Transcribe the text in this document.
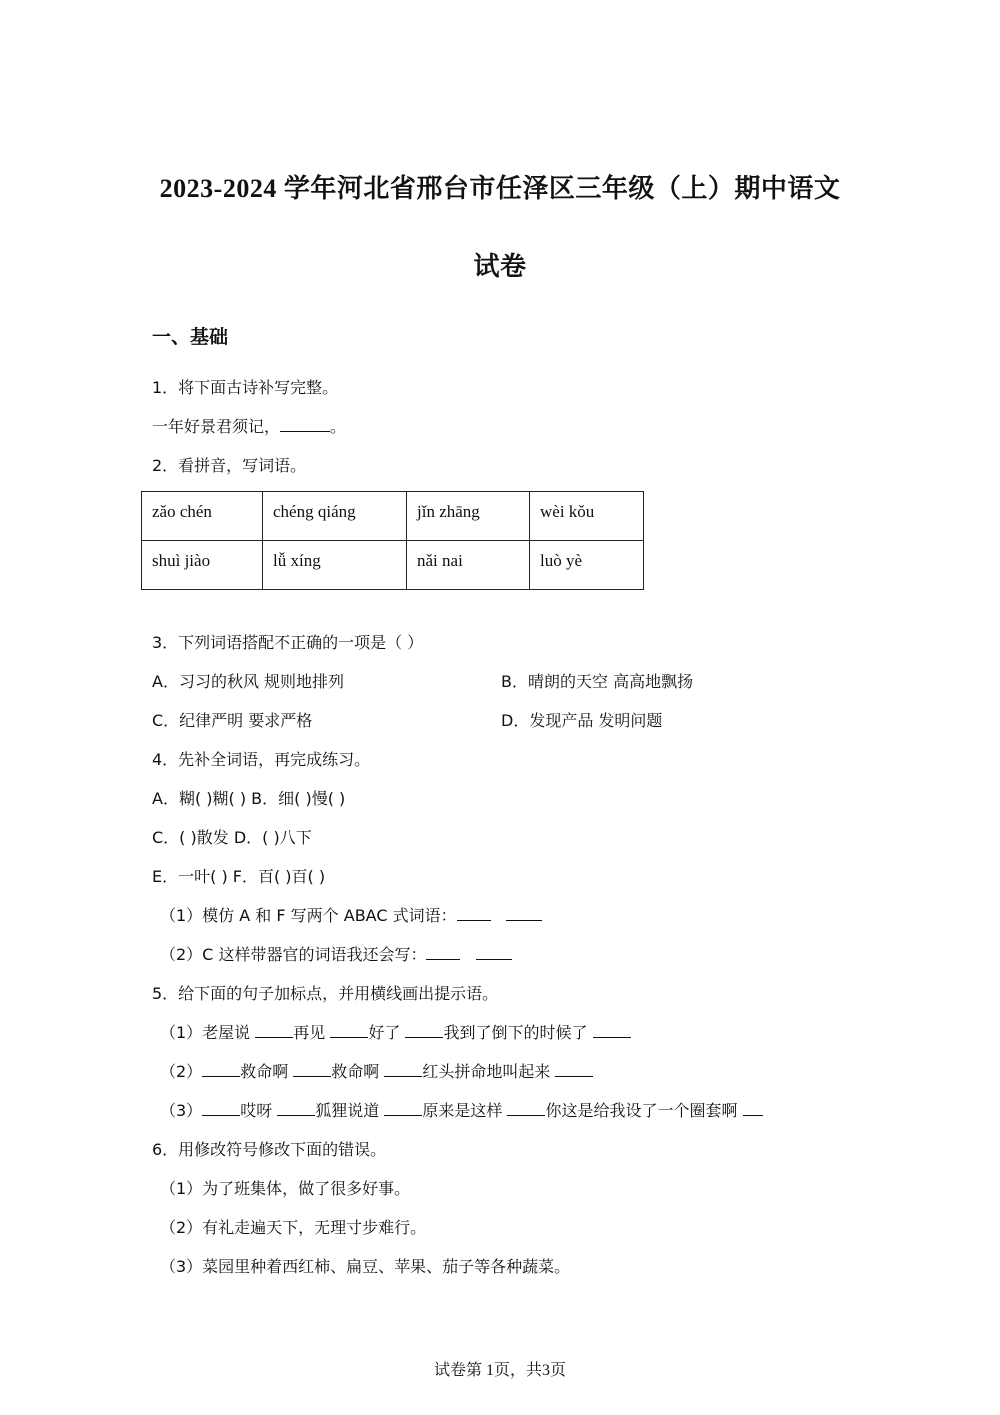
2023-2024 学年河北省邢台市任泽区三年级（上）期中语文
试卷
一、基础
1．将下面古诗补写完整。
一年好景君须记，	。
2．看拼音，写词语。
zǎo chén	chéng qiáng	jǐn zhāng	wèi kǒu
shuì jiào	lǚ xíng	nǎi nai	luò yè
3．下列词语搭配不正确的一项是（ ）
A．习习的秋风 规则地排列	B．晴朗的天空 高高地飘扬
C．纪律严明 要求严格	D．发现产品 发明问题
4．先补全词语，再完成练习。
A．糊( )糊( ) B．细( )慢( )
C．( )散发 D．( )八下
E．一叶( ) F．百( )百( )
（1）模仿 A 和 F 写两个 ABAC 式词语：
（2）C 这样带器官的词语我还会写：
5．给下面的句子加标点，并用横线画出提示语。
（1）老屋说 再见 好了 我到了倒下的时候了
（2） 救命啊 救命啊 红头拼命地叫起来
（3） 哎呀 狐狸说道 原来是这样 你这是给我设了一个圈套啊
6．用修改符号修改下面的错误。
（1）为了班集体，做了很多好事。
（2）有礼走遍天下，无理寸步难行。
（3）菜园里种着西红柿、扁豆、苹果、茄子等各种蔬菜。
试卷第 1页，共3页
